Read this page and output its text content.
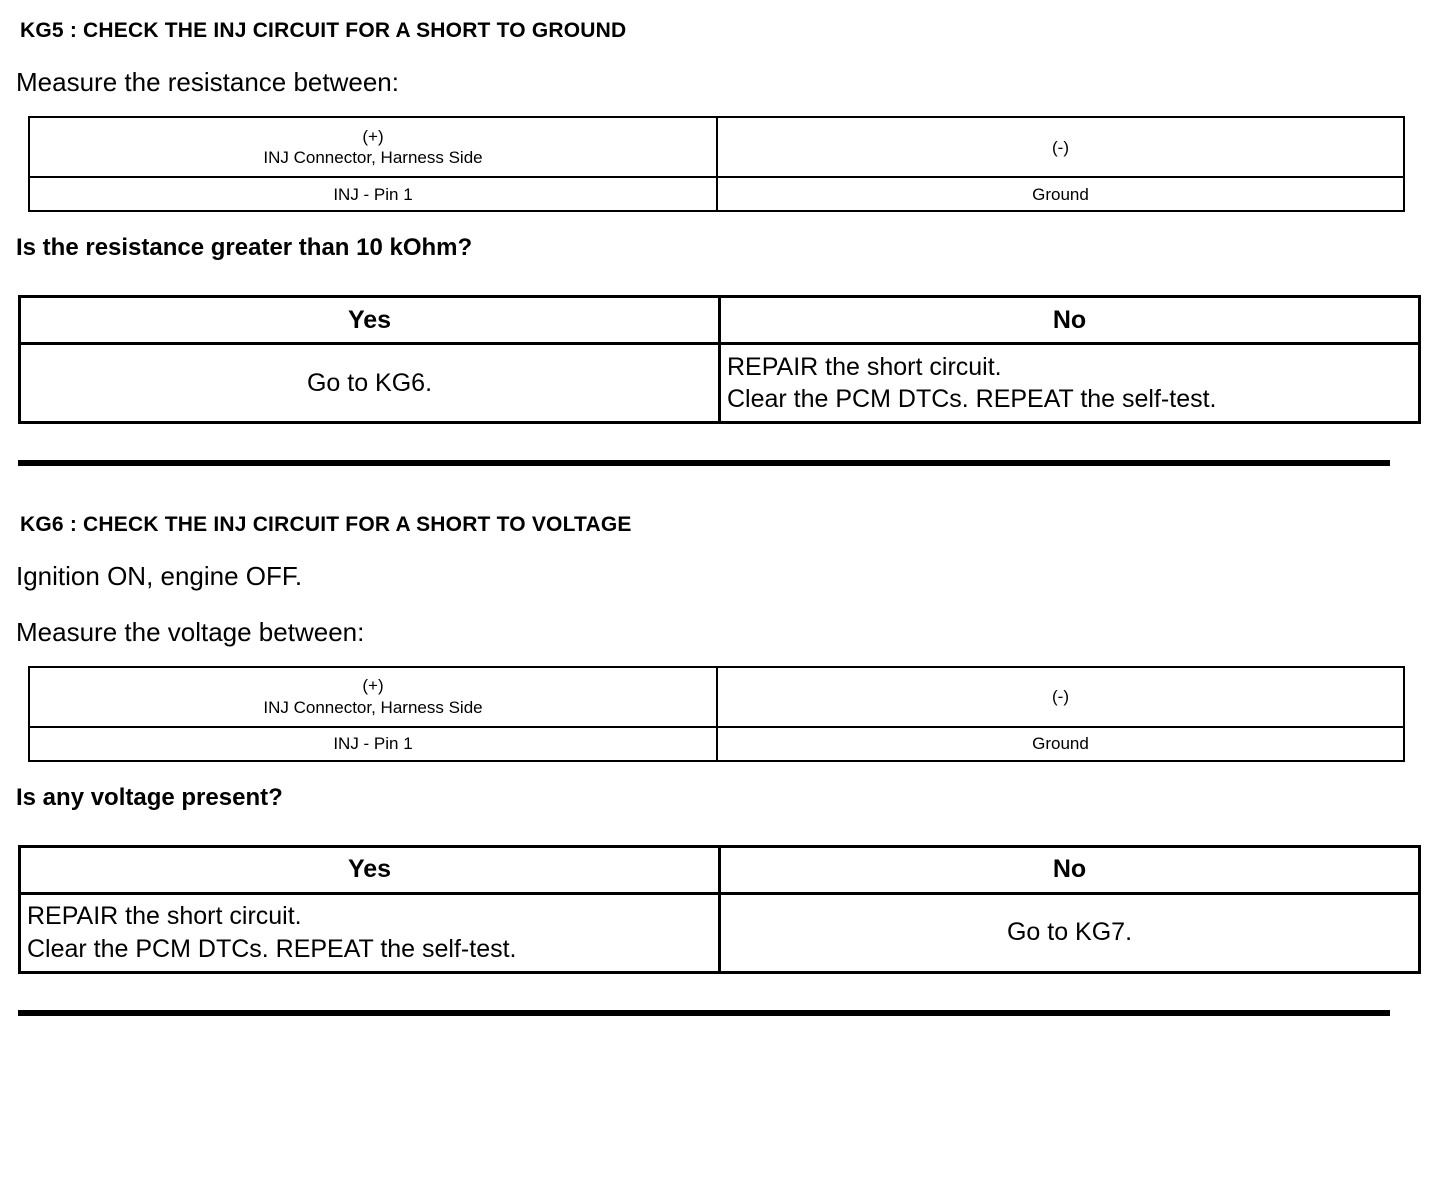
KG5 : CHECK THE INJ CIRCUIT FOR A SHORT TO GROUND
Measure the resistance between:
(+)
INJ Connector, Harness Side	(-)

INJ - Pin 1	Ground
Is the resistance greater than 10 kOhm?
Yes	No

Go to KG6.	REPAIR the short circuit.
Clear the PCM DTCs. REPEAT the self-test.
KG6 : CHECK THE INJ CIRCUIT FOR A SHORT TO VOLTAGE
Ignition ON, engine OFF.
Measure the voltage between:
(+)
INJ Connector, Harness Side	(-)

INJ - Pin 1	Ground
Is any voltage present?
Yes	No

REPAIR the short circuit.
Clear the PCM DTCs. REPEAT the self-test.	Go to KG7.
